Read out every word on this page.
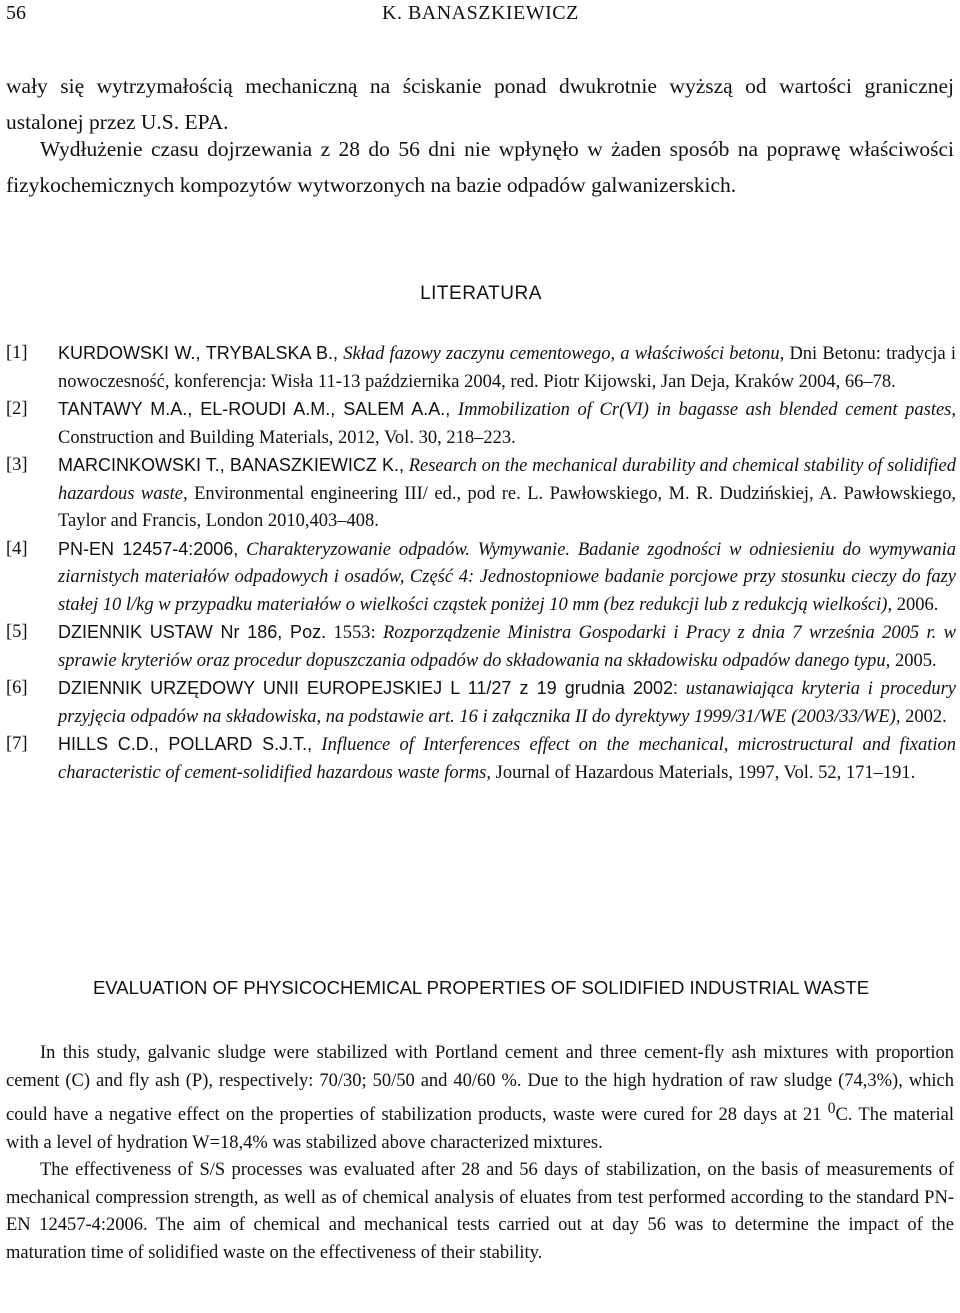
56	K. BANASZKIEWICZ
wały się wytrzymałością mechaniczną na ściskanie ponad dwukrotnie wyższą od wartości granicznej ustalonej przez U.S. EPA.
Wydłużenie czasu dojrzewania z 28 do 56 dni nie wpłynęło w żaden sposób na poprawę właściwości fizykochemicznych kompozytów wytworzonych na bazie odpadów galwanizerskich.
LITERATURA
[1] KURDOWSKI W., TRYBALSKA B., Skład fazowy zaczynu cementowego, a właściwości betonu, Dni Betonu: tradycja i nowoczesność, konferencja: Wisła 11-13 października 2004, red. Piotr Kijowski, Jan Deja, Kraków 2004, 66–78.
[2] TANTAWY M.A., EL-ROUDI A.M., SALEM A.A., Immobilization of Cr(VI) in bagasse ash blended cement pastes, Construction and Building Materials, 2012, Vol. 30, 218–223.
[3] MARCINKOWSKI T., BANASZKIEWICZ K., Research on the mechanical durability and chemical stability of solidified hazardous waste, Environmental engineering III/ ed., pod re. L. Pawłowskiego, M. R. Dudzińskiej, A. Pawłowskiego, Taylor and Francis, London 2010,403–408.
[4] PN-EN 12457-4:2006, Charakteryzowanie odpadów. Wymywanie. Badanie zgodności w odniesieniu do wymywania ziarnistych materiałów odpadowych i osadów, Część 4: Jednostopniowe badanie porcjowe przy stosunku cieczy do fazy stałej 10 l/kg w przypadku materiałów o wielkości cząstek poniżej 10 mm (bez redukcji lub z redukcją wielkości), 2006.
[5] DZIENNIK USTAW Nr 186, Poz. 1553: Rozporządzenie Ministra Gospodarki i Pracy z dnia 7 września 2005 r. w sprawie kryteriów oraz procedur dopuszczania odpadów do składowania na składowisku odpadów danego typu, 2005.
[6] DZIENNIK URZĘDOWY UNII EUROPEJSKIEJ L 11/27 z 19 grudnia 2002: ustanawiająca kryteria i procedury przyjęcia odpadów na składowiska, na podstawie art. 16 i załącznika II do dyrektywy 1999/31/WE (2003/33/WE), 2002.
[7] HILLS C.D., POLLARD S.J.T., Influence of Interferences effect on the mechanical, microstructural and fixation characteristic of cement-solidified hazardous waste forms, Journal of Hazardous Materials, 1997, Vol. 52, 171–191.
EVALUATION OF PHYSICOCHEMICAL PROPERTIES OF SOLIDIFIED INDUSTRIAL WASTE

In this study, galvanic sludge were stabilized with Portland cement and three cement-fly ash mixtures with proportion cement (C) and fly ash (P), respectively: 70/30; 50/50 and 40/60 %. Due to the high hydration of raw sludge (74,3%), which could have a negative effect on the properties of stabilization products, waste were cured for 28 days at 21 $^0$C. The material with a level of hydration W=18,4% was stabilized above characterized mixtures.

The effectiveness of S/S processes was evaluated after 28 and 56 days of stabilization, on the basis of measurements of mechanical compression strength, as well as of chemical analysis of eluates from test performed according to the standard PN-EN 12457-4:2006. The aim of chemical and mechanical tests carried out at day 56 was to determine the impact of the maturation time of solidified waste on the effectiveness of their stability.
